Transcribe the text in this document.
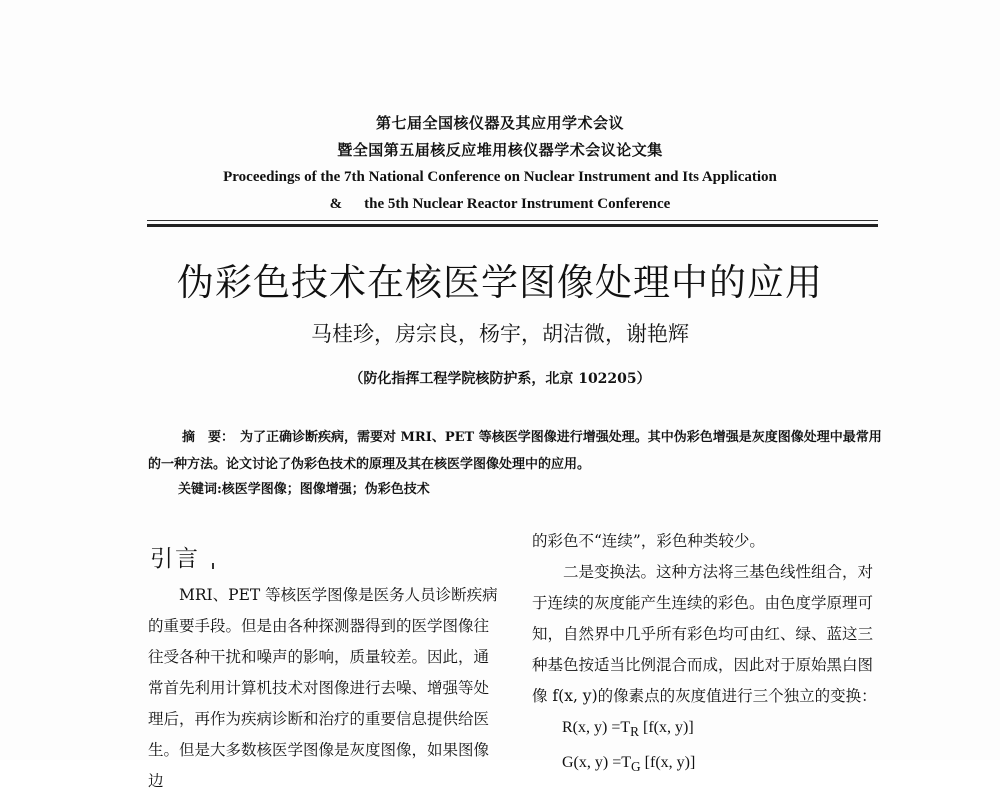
第七届全国核仪器及其应用学术会议
暨全国第五届核反应堆用核仪器学术会议论文集
Proceedings of the 7th National Conference on Nuclear Instrument and Its Application
& the 5th Nuclear Reactor Instrument Conference
伪彩色技术在核医学图像处理中的应用
马桂珍，房宗良，杨宇，胡洁微，谢艳辉
（防化指挥工程学院核防护系，北京 102205）
摘　要： 为了正确诊断疾病，需要对 MRI、PET 等核医学图像进行增强处理。其中伪彩色增强是灰度图像处理中最常用的一种方法。论文讨论了伪彩色技术的原理及其在核医学图像处理中的应用。
关键词:核医学图像；图像增强；伪彩色技术
引言

MRI、PET 等核医学图像是医务人员诊断疾病的重要手段。但是由各种探测器得到的医学图像往往受各种干扰和噪声的影响，质量较差。因此，通常首先利用计算机技术对图像进行去噪、增强等处理后，再作为疾病诊断和治疗的重要信息提供给医生。但是大多数核医学图像是灰度图像，如果图像边

的彩色不“连续”，彩色种类较少。

二是变换法。这种方法将三基色线性组合，对于连续的灰度能产生连续的彩色。由色度学原理可知，自然界中几乎所有彩色均可由红、绿、蓝这三种基色按适当比例混合而成，因此对于原始黑白图像 f(x, y)的像素点的灰度值进行三个独立的变换：

R(x, $y) =T_R$ [f(x, y)]

G(x, $y) =T_G$ [f(x, y)]
